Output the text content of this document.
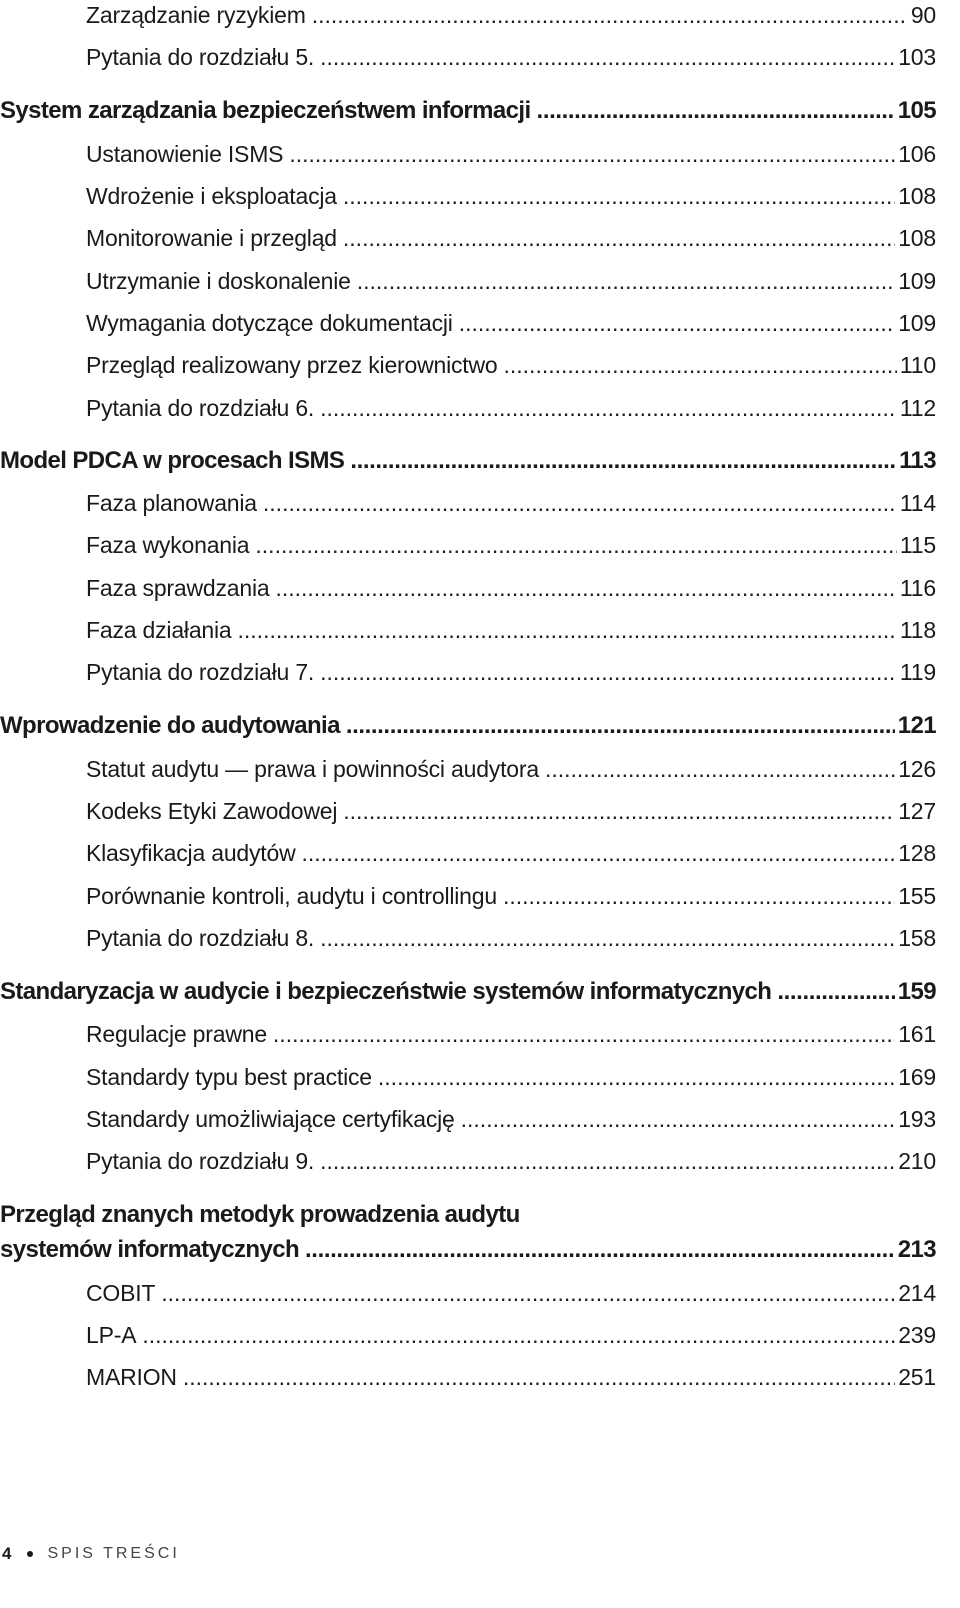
Zarządzanie ryzykiem .....	90
Pytania do rozdziału 5. .....	103
System zarządzania bezpieczeństwem informacji .....	105
Ustanowienie ISMS .....	106
Wdrożenie i eksploatacja .....	108
Monitorowanie i przegląd .....	108
Utrzymanie i doskonalenie .....	109
Wymagania dotyczące dokumentacji .....	109
Przegląd realizowany przez kierownictwo .....	110
Pytania do rozdziału 6. .....	112
Model PDCA w procesach ISMS .....	113
Faza planowania .....	114
Faza wykonania .....	115
Faza sprawdzania .....	116
Faza działania .....	118
Pytania do rozdziału 7. .....	119
Wprowadzenie do audytowania .....	121
Statut audytu — prawa i powinności audytora .....	126
Kodeks Etyki Zawodowej .....	127
Klasyfikacja audytów .....	128
Porównanie kontroli, audytu i controllingu .....	155
Pytania do rozdziału 8. .....	158
Standaryzacja w audycie i bezpieczeństwie systemów informatycznych .....	159
Regulacje prawne .....	161
Standardy typu best practice .....	169
Standardy umożliwiające certyfikację .....	193
Pytania do rozdziału 9. .....	210
Przegląd znanych metodyk prowadzenia audytu
systemów informatycznych .....	213
COBIT .....	214
LP-A .....	239
MARION .....	251
4 SPIS TREŚCI
